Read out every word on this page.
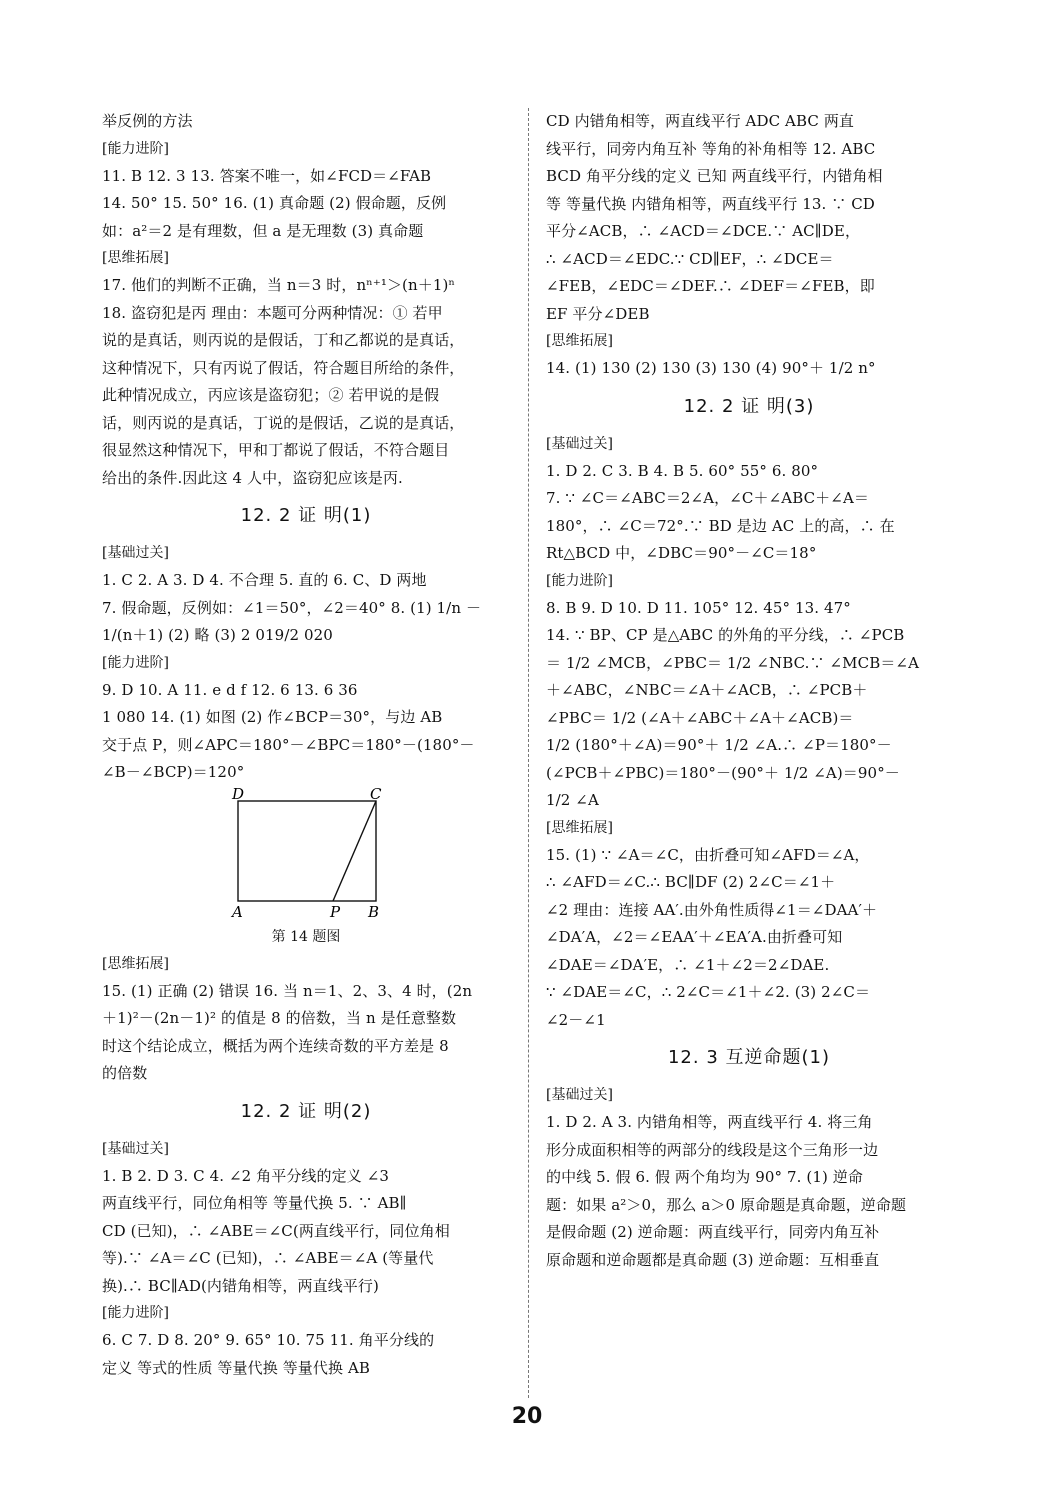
举反例的方法
[能力进阶]
11. B 12. 3 13. 答案不唯一，如∠FCD＝∠FAB
14. 50° 15. 50° 16. (1) 真命题 (2) 假命题，反例
如：a²＝2 是有理数，但 a 是无理数 (3) 真命题
[思维拓展]
17. 他们的判断不正确，当 n＝3 时，nⁿ⁺¹＞(n＋1)ⁿ
18. 盗窃犯是丙 理由：本题可分两种情况：① 若甲
说的是真话，则丙说的是假话，丁和乙都说的是真话，
这种情况下，只有丙说了假话，符合题目所给的条件，
此种情况成立，丙应该是盗窃犯；② 若甲说的是假
话，则丙说的是真话，丁说的是假话，乙说的是真话，
很显然这种情况下，甲和丁都说了假话，不符合题目
给出的条件.因此这 4 人中，盗窃犯应该是丙.
12. 2 证 明(1)
[基础过关]
1. C 2. A 3. D 4. 不合理 5. 直的 6. C、D 两地
7. 假命题，反例如：∠1＝50°，∠2＝40° 8. (1) 1/n －
1/(n＋1) (2) 略 (3) 2 019/2 020
[能力进阶]
9. D 10. A 11. e d f 12. 6 13. 6 36
1 080 14. (1) 如图 (2) 作∠BCP＝30°，与边 AB
交于点 P，则∠APC＝180°－∠BPC＝180°－(180°－
∠B－∠BCP)＝120°
D	C
A	P B
第 14 题图
[思维拓展]
15. (1) 正确 (2) 错误 16. 当 n＝1、2、3、4 时，(2n
＋1)²－(2n－1)² 的值是 8 的倍数，当 n 是任意整数
时这个结论成立，概括为两个连续奇数的平方差是 8
的倍数
12. 2 证 明(2)
[基础过关]
1. B 2. D 3. C 4. ∠2 角平分线的定义 ∠3
两直线平行，同位角相等 等量代换 5. ∵ AB∥
CD (已知)，∴ ∠ABE＝∠C(两直线平行，同位角相
等).∵ ∠A＝∠C (已知)，∴ ∠ABE＝∠A (等量代
换).∴ BC∥AD(内错角相等，两直线平行)
[能力进阶]
6. C 7. D 8. 20° 9. 65° 10. 75 11. 角平分线的
定义 等式的性质 等量代换 等量代换 AB
CD 内错角相等，两直线平行 ADC ABC 两直
线平行，同旁内角互补 等角的补角相等 12. ABC
BCD 角平分线的定义 已知 两直线平行，内错角相
等 等量代换 内错角相等，两直线平行 13. ∵ CD
平分∠ACB，∴ ∠ACD＝∠DCE.∵ AC∥DE，
∴ ∠ACD＝∠EDC.∵ CD∥EF，∴ ∠DCE＝
∠FEB，∠EDC＝∠DEF.∴ ∠DEF＝∠FEB，即
EF 平分∠DEB
[思维拓展]
14. (1) 130 (2) 130 (3) 130 (4) 90°＋ 1/2 n°
12. 2 证 明(3)
[基础过关]
1. D 2. C 3. B 4. B 5. 60° 55° 6. 80°
7. ∵ ∠C＝∠ABC＝2∠A，∠C＋∠ABC＋∠A＝
180°，∴ ∠C＝72°.∵ BD 是边 AC 上的高，∴ 在
Rt△BCD 中，∠DBC＝90°－∠C＝18°
[能力进阶]
8. B 9. D 10. D 11. 105° 12. 45° 13. 47°
14. ∵ BP、CP 是△ABC 的外角的平分线，∴ ∠PCB
＝ 1/2 ∠MCB，∠PBC＝ 1/2 ∠NBC.∵ ∠MCB＝∠A
＋∠ABC，∠NBC＝∠A＋∠ACB，∴ ∠PCB＋
∠PBC＝ 1/2 (∠A＋∠ABC＋∠A＋∠ACB)＝
1/2 (180°＋∠A)＝90°＋ 1/2 ∠A.∴ ∠P＝180°－
(∠PCB＋∠PBC)＝180°－(90°＋ 1/2 ∠A)＝90°－
1/2 ∠A
[思维拓展]
15. (1) ∵ ∠A＝∠C，由折叠可知∠AFD＝∠A，
∴ ∠AFD＝∠C.∴ BC∥DF (2) 2∠C＝∠1＋
∠2 理由：连接 AA′.由外角性质得∠1＝∠DAA′＋
∠DA′A，∠2＝∠EAA′＋∠EA′A.由折叠可知
∠DAE＝∠DA′E，∴ ∠1＋∠2＝2∠DAE.
∵ ∠DAE＝∠C，∴ 2∠C＝∠1＋∠2. (3) 2∠C＝
∠2－∠1
12. 3 互逆命题(1)
[基础过关]
1. D 2. A 3. 内错角相等，两直线平行 4. 将三角
形分成面积相等的两部分的线段是这个三角形一边
的中线 5. 假 6. 假 两个角均为 90° 7. (1) 逆命
题：如果 a²＞0，那么 a＞0 原命题是真命题，逆命题
是假命题 (2) 逆命题：两直线平行，同旁内角互补
原命题和逆命题都是真命题 (3) 逆命题：互相垂直
20
